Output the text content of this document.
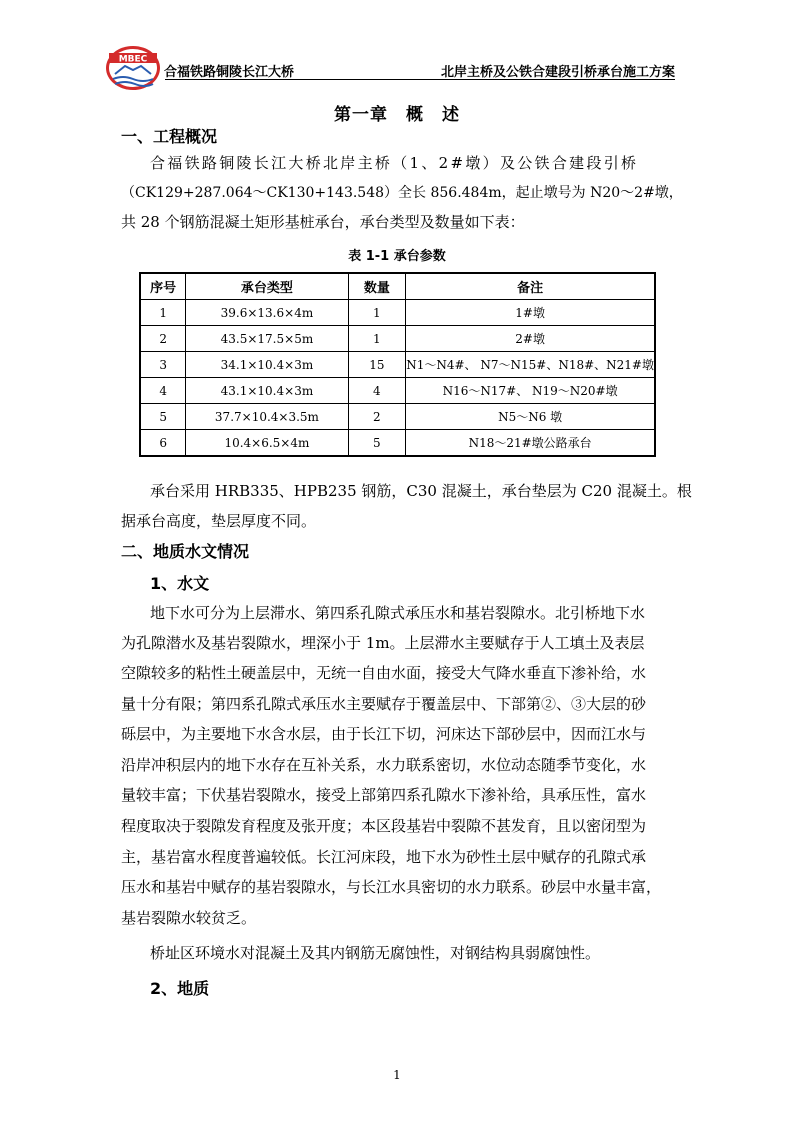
MBEC
合福铁路铜陵长江大桥	北岸主桥及公铁合建段引桥承台施工方案
第一章　概　述
一、工程概况
合福铁路铜陵长江大桥北岸主桥（1、2#墩）及公铁合建段引桥
（CK129+287.064～CK130+143.548）全长 856.484m，起止墩号为 N20～2#墩，
共 28 个钢筋混凝土矩形基桩承台，承台类型及数量如下表：
表 1-1 承台参数
序号	承台类型	数量	备注
1	39.6×13.6×4m	1	1#墩
2	43.5×17.5×5m	1	2#墩
3	34.1×10.4×3m	15	N1～N4#、 N7～N15#、N18#、N21#墩
4	43.1×10.4×3m	4	N16～N17#、 N19～N20#墩
5	37.7×10.4×3.5m	2	N5～N6 墩
6	10.4×6.5×4m	5	N18～21#墩公路承台
承台采用 HRB335、HPB235 钢筋，C30 混凝土，承台垫层为 C20 混凝土。根
据承台高度，垫层厚度不同。
二、地质水文情况
1、水文
地下水可分为上层滞水、第四系孔隙式承压水和基岩裂隙水。北引桥地下水
为孔隙潜水及基岩裂隙水，埋深小于 1m。上层滞水主要赋存于人工填土及表层
空隙较多的粘性土硬盖层中，无统一自由水面，接受大气降水垂直下渗补给，水
量十分有限；第四系孔隙式承压水主要赋存于覆盖层中、下部第②、③大层的砂
砾层中，为主要地下水含水层，由于长江下切，河床达下部砂层中，因而江水与
沿岸冲积层内的地下水存在互补关系，水力联系密切，水位动态随季节变化，水
量较丰富；下伏基岩裂隙水，接受上部第四系孔隙水下渗补给，具承压性，富水
程度取决于裂隙发育程度及张开度；本区段基岩中裂隙不甚发育，且以密闭型为
主，基岩富水程度普遍较低。长江河床段，地下水为砂性土层中赋存的孔隙式承
压水和基岩中赋存的基岩裂隙水，与长江水具密切的水力联系。砂层中水量丰富，
基岩裂隙水较贫乏。
桥址区环境水对混凝土及其内钢筋无腐蚀性，对钢结构具弱腐蚀性。
2、地质
1
